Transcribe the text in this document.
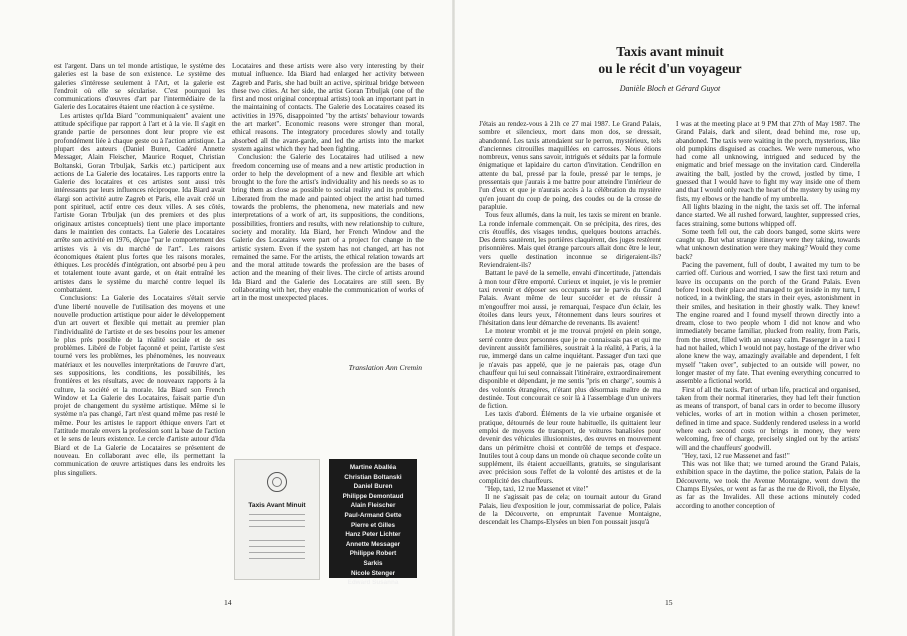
est l'argent. Dans un tel monde artistique, le système des galeries est la base de son existence. Le système des galeries s'intéresse seulement à l'Art, et la galerie est l'endroit où elle se sécularise. C'est pourquoi les communications d'œuvres d'art par l'intermédiaire de la Galerie des Locataires étaient une réaction à ce système.

Les artistes qu'Ida Biard "communiquaient" avaient une attitude spécifique par rapport à l'art et à la vie. Il s'agit en grande partie de personnes dont leur propre vie est profondément liée à chaque geste ou à l'action artistique. La plupart des auteurs (Daniel Buren, Cadéré Annette Messager, Alain Fleischer, Maurice Roquet, Christian Boltanski, Goran Trbuljak, Sarkis etc.) participent aux actions de La Galerie des locataires. Les rapports entre la Galerie des locataires et ces artistes sont aussi très intéressants par leurs influences réciproque. Ida Biard avait élargi son activité autre Zagreb et Paris, elle avait créé un pont spirituel, actif entre ces deux villes. A ses côtés, l'artiste Goran Trbuljak (un des premiers et des plus originaux artistes conceptuels) tient une place importante dans le maintien des contacts. La Galerie des Locataires arrête son activité en 1976, déçue "par le comportement des artistes vis à vis du marché de l'art". Les raisons économiques étaient plus fortes que les raisons morales, éthiques. Les procédés d'intégration, ont absorbé peu à peu et totalement toute avant garde, et on était entraîné les artistes dans le système du marché contre lequel ils combattaient.

Conclusions: La Galerie des Locataires s'était servie d'une liberté nouvelle de l'utilisation des moyens et une nouvelle production artistique pour aider le développement d'un art ouvert et flexible qui mettait au premier plan l'individualité de l'artiste et de ses besoins pour les amener le plus près possible de la réalité sociale et de ses problèmes. Libéré de l'objet façonné et peint, l'artiste s'est tourné vers les problèmes, les phénomènes, les nouveaux matériaux et les nouvelles interprétations de l'œuvre d'art, ses suppositions, les conditions, les possibilités, les frontières et les résultats, avec de nouveaux rapports à la culture, la société et la morale. Ida Biard son French Window et La Galerie des Locataires, faisait partie d'un projet de changement du système artistique. Même si le système n'a pas changé, l'art n'est quand même pas resté le même. Pour les artistes le rapport éthique envers l'art et l'attitude morale envers la profession sont la base de l'action et le sens de leurs existence. Le cercle d'artiste autour d'Ida Biard et de La Galerie de Locataires se présentent de nouveau. En collaborant avec elle, ils permettant la communication de œuvre artistiques dans les endroits les plus singuliers.

Locataires and these artists were also very interesting by their mutual influence. Ida Biard had enlarged her activity between Zagreb and Paris, she had built an active, spiritual bridge between these two cities. At her side, the artist Goran Trbuljak (one of the first and most original conceptual artists) took an important part in the maintaining of contacts. The Galerie des Locataires ceased its activities in 1976, disappointed "by the artists' behaviour towards the art market". Economic reasons were stronger than moral, ethical reasons. The integratory procedures slowly and totally absorbed all the avant-garde, and led the artists into the market system against which they had been fighting.

Conclusion: the Galerie des Locataires had utilised a new freedom concerning use of means and a new artistic production in order to help the development of a new and flexible art which brought to the fore the artist's individuality and his needs so as to bring them as close as possible to social reality and its problems. Liberated from the made and painted object the artist had turned towards the problems, the phenomena, new materials and new interpretations of a work of art, its suppositions, the conditions, possibilities, frontiers and results, with new relationship to culture, society and morality. Ida Biard, her French Window and the Galerie des Locataires were part of a project for change in the artistic system. Even if the system has not changed, art has not remained the same. For the artists, the ethical relation towards art and the moral attitude towards the profession are the bases of action and the meaning of their lives. The circle of artists around Ida Biard and the Galerie des Locataires are still seen. By collaborating with her, they enable the communication of works of art in the most unexpected places.

Translation Ann Cremin
Taxis Avant Minuit
Martine Aballéa
Christian Boltanski
Daniel Buren
Philippe Demontaud
Alain Fleischer
Paul-Armand Gette
Pierre et Gilles
Hanz Peter Lichter
Annette Messager
Philippe Robert
Sarkis
Nicole Stenger
Edward Susanna
14
Taxis avant minuit
ou le récit d'un voyageur
Danièle Bloch et Gérard Guyot

J'étais au rendez-vous à 21h ce 27 mai 1987. Le Grand Palais, sombre et silencieux, mort dans mon dos, se dressait, abandonné. Les taxis attendaient sur le perron, mystérieux, tels d'anciennes citrouilles maquillées en carrosses. Nous étions nombreux, venus sans savoir, intrigués et séduits par la formule énigmatique et lapidaire du carton d'invitation. Cendrillon en attente du bal, pressé par la foule, pressé par le temps, je pressentais que j'aurais à me battre pour atteindre l'intérieur de l'un d'eux et que je n'aurais accès à la célébration du mystère qu'en jouant du coup de poing, des coudes ou de la crosse de parapluie.

Tous feux allumés, dans la nuit, les taxis se mirent en branle. La ronde infernale commençait. On se précipita, des rires, des cris étouffés, des visages tendus, quelques boutons arrachés. Des dents sautèrent, les portières claquèrent, des juges restèrent prisonnières. Mais quel étrange parcours allait donc être le leur, vers quelle destination inconnue se dirigeraient-ils? Reviendraient-ils?

Battant le pavé de la semelle, envahi d'incertitude, j'attendais à mon tour d'être emporté. Curieux et inquiet, je vis le premier taxi revenir et déposer ses occupants sur le parvis du Grand Palais. Avant même de leur succéder et de réussir à m'engouffrer moi aussi, je remarquai, l'espace d'un éclair, les étoiles dans leurs yeux, l'étonnement dans leurs sourires et l'hésitation dans leur démarche de revenants. Ils avaient!

Le moteur vrombit et je me trouvai projeté en plein songe, serré contre deux personnes que je ne connaissais pas et qui me devinrent aussitôt familières, soustrait à la réalité, à Paris, à la rue, immergé dans un calme inquiétant. Passager d'un taxi que je n'avais pas appelé, que je ne paierais pas, otage d'un chauffeur qui lui seul connaissait l'itinéraire, extraordinairement disponible et dépendant, je me sentis "pris en charge", soumis à des volontés étrangères, n'étant plus désormais maître de ma destinée. Tout concourait ce soir là à l'assemblage d'un univers de fiction.

Les taxis d'abord. Éléments de la vie urbaine organisée et pratique, détournés de leur route habituelle, ils quittaient leur emploi de moyens de transport, de voitures banalisées pour devenir des véhicules illusionnistes, des œuvres en mouvement dans un périmètre choisi et contrôlé de temps et d'espace. Inutiles tout à coup dans un monde où chaque seconde coûte un supplément, ils étaient accueillants, gratuits, se singularisant avec précision sous l'effet de la volonté des artistes et de la complicité des chauffeurs.

"Hep, taxi, 12 rue Massenet et vite!"

Il ne s'agissait pas de cela; on tournait autour du Grand Palais, lieu d'exposition le jour, commissariat de police, Palais de la Découverte, on empruntait l'avenue Montaigne, descendait les Champs-Elysées un bien l'on poussait jusqu'à

I was at the meeting place at 9 PM that 27th of May 1987. The Grand Palais, dark and silent, dead behind me, rose up, abandoned. The taxis were waiting in the porch, mysterious, like old pumpkins disguised as coaches. We were numerous, who had come all unknowing, intrigued and seduced by the enigmatic and brief message on the invitation card. Cinderella awaiting the ball, jostled by the crowd, jostled by time, I guessed that I would have to fight my way inside one of them and that I would only reach the heart of the mystery by using my fists, my elbows or the handle of my umbrella.

All lights blazing in the night, the taxis set off. The infernal dance started. We all rushed forward, laughter, suppressed cries, faces straining, some buttons whipped off.

Some teeth fell out, the cab doors banged, some skirts were caught up. But what strange itinerary were they taking, towards what unknown destination were they making? Would they come back?

Pacing the pavement, full of doubt, I awaited my turn to be carried off. Curious and worried, I saw the first taxi return and leave its occupants on the porch of the Grand Palais. Even before I took their place and managed to get inside in my turn, I noticed, in a twinkling, the stars in their eyes, astonishment in their smiles, and hesitation in their ghostly walk. They knew! The engine roared and I found myself thrown directly into a dream, close to two people whom I did not know and who immediately became familiar, plucked from reality, from Paris, from the street, filled with an uneasy calm. Passenger in a taxi I had not hailed, which I would not pay, hostage of the driver who alone knew the way, amazingly available and dependent, I felt myself "taken over", subjected to an outside will power, no longer master of my fate. That evening everything concurred to assemble a fictional world.

First of all the taxis. Part of urban life, practical and organised, taken from their normal itineraries, they had left their function as means of transport, of banal cars in order to become illusory vehicles, works of art in motion within a chosen perimeter, defined in time and space. Suddenly rendered useless in a world where each second costs or brings in money, they were welcoming, free of charge, precisely singled out by the artists' will and the chauffeurs' goodwill.

"Hey, taxi, 12 rue Massenet and fast!"

This was not like that; we turned around the Grand Palais, exhibition space in the daytime, the police station, Palais de la Découverte, we took the Avenue Montaigne, went down the Champs Elysées, or went as far as the rue de Rivoli, the Elysée, as far as the Invalides. All these actions minutely coded according to another conception of

15
